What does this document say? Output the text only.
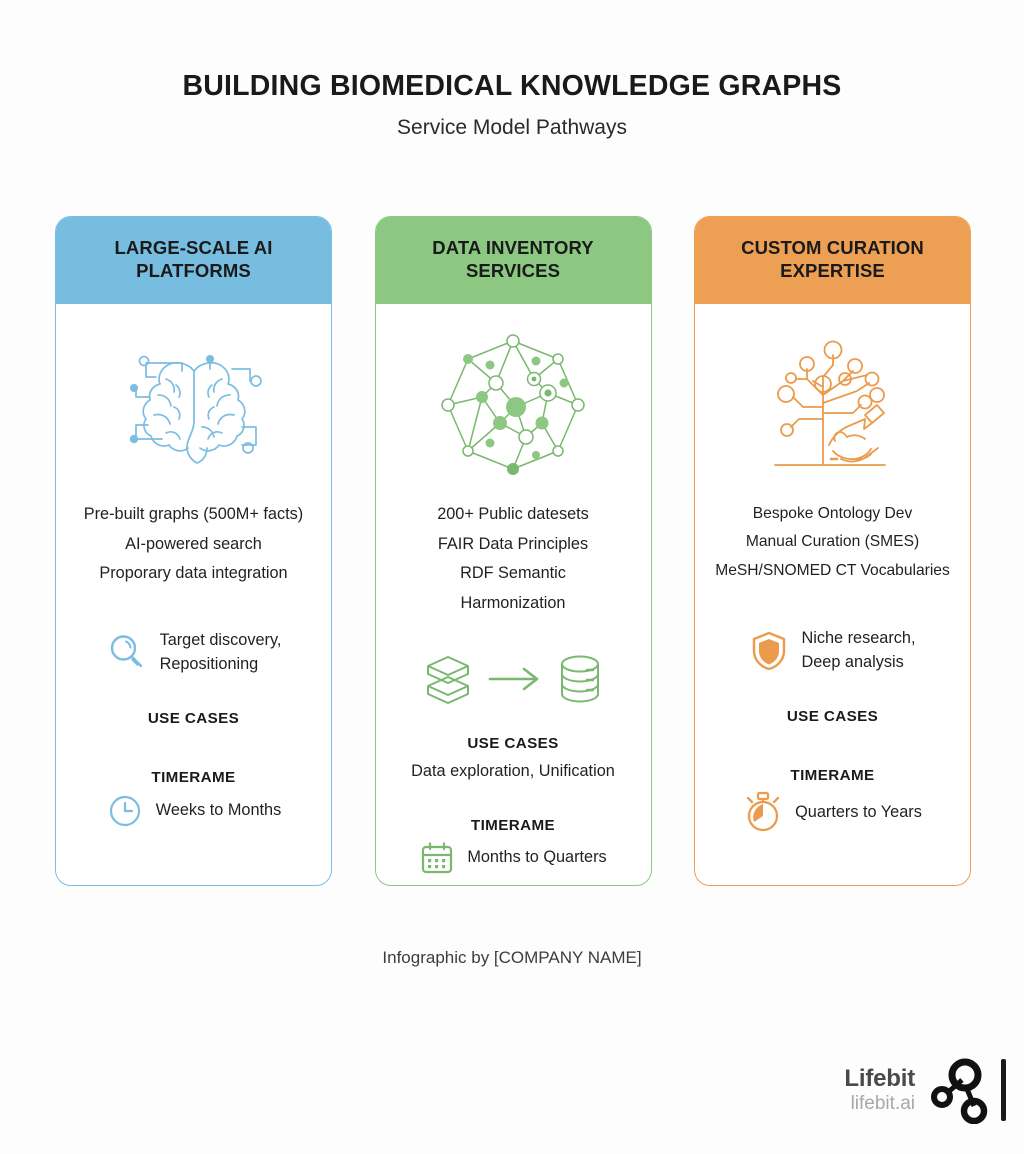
BUILDING BIOMEDICAL KNOWLEDGE GRAPHS
Service Model Pathways
LARGE-SCALE AI PLATFORMS
Pre-built graphs (500M+ facts)
AI-powered search
Proporary data integration
Target discovery,
Repositioning
USE CASES
TIMERAME
Weeks to Months
DATA INVENTORY SERVICES
200+ Public datesets
FAIR Data Principles
RDF Semantic
Harmonization
USE CASES
Data exploration, Unification
TIMERAME
Months to Quarters
CUSTOM CURATION EXPERTISE
Bespoke Ontology Dev
Manual Curation (SMES)
MeSH/SNOMED CT Vocabularies
Niche research,
Deep analysis
USE CASES
TIMERAME
Quarters to Years
Infographic by [COMPANY NAME]
Lifebit
lifebit.ai
